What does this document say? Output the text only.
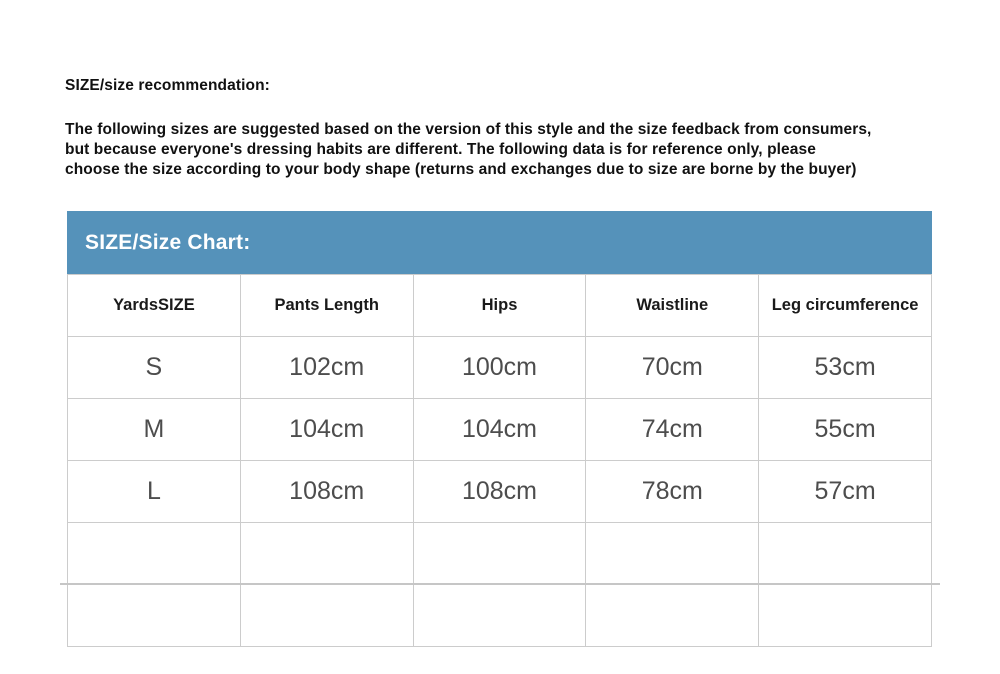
SIZE/size recommendation:
The following sizes are suggested based on the version of this style and the size feedback from consumers,
but because everyone's dressing habits are different. The following data is for reference only, please
choose the size according to your body shape (returns and exchanges due to size are borne by the buyer)
SIZE/Size Chart:
YardsSIZE	Pants Length	Hips	Waistline	Leg circumference
S	102cm	100cm	70cm	53cm
M	104cm	104cm	74cm	55cm
L	108cm	108cm	78cm	57cm
